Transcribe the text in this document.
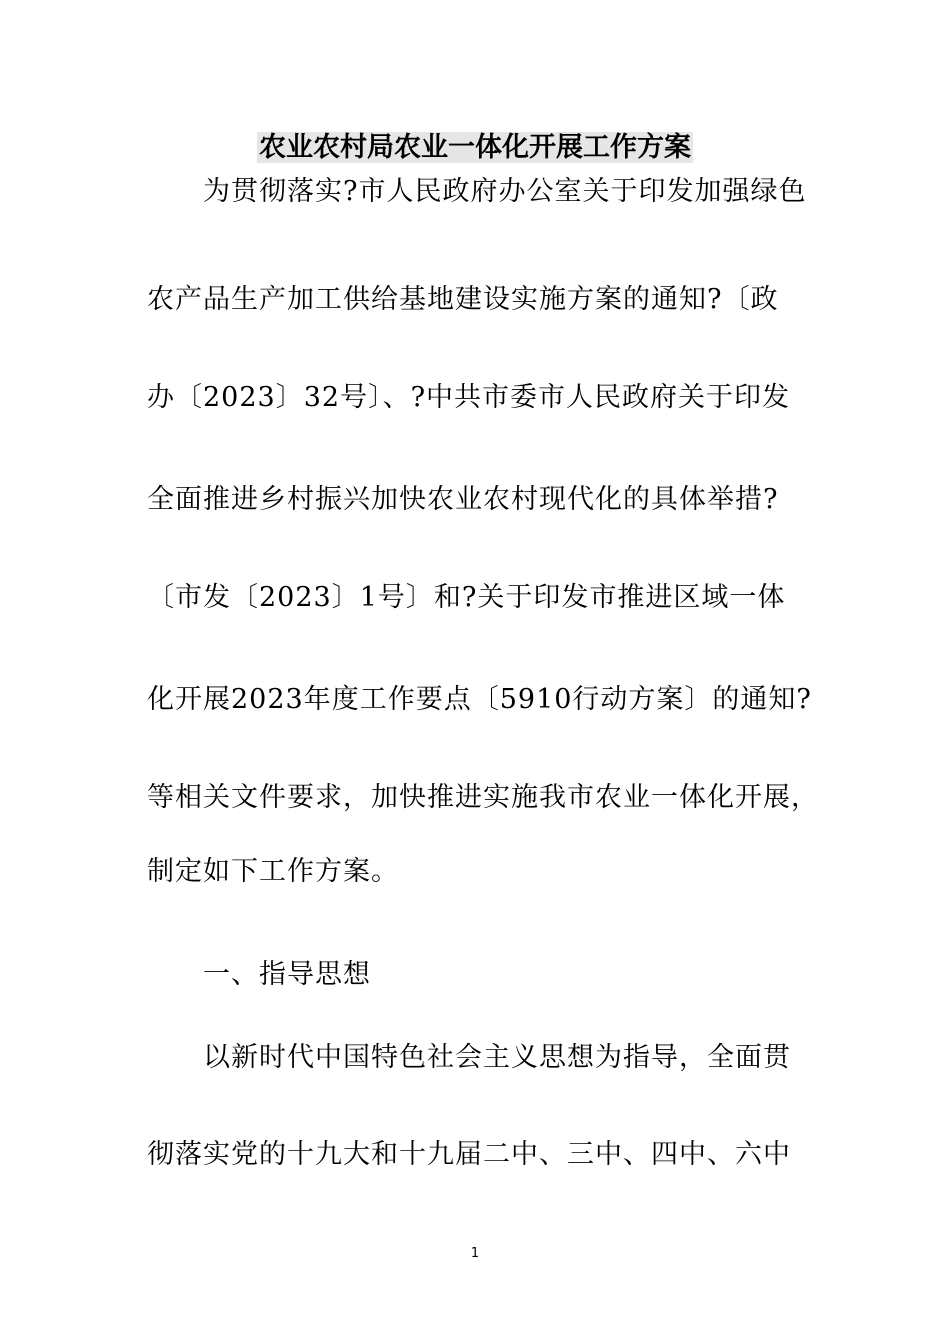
农业农村局农业一体化开展工作方案
为贯彻落实?市人民政府办公室关于印发加强绿色
农产品生产加工供给基地建设实施方案的通知?〔政
办〔2023〕32号〕、?中共市委市人民政府关于印发
全面推进乡村振兴加快农业农村现代化的具体举措?
〔市发〔2023〕1号〕和?关于印发市推进区域一体
化开展2023年度工作要点〔5910行动方案〕的通知?
等相关文件要求，加快推进实施我市农业一体化开展，
制定如下工作方案。
一、指导思想
以新时代中国特色社会主义思想为指导，全面贯
彻落实党的十九大和十九届二中、三中、四中、六中
1
